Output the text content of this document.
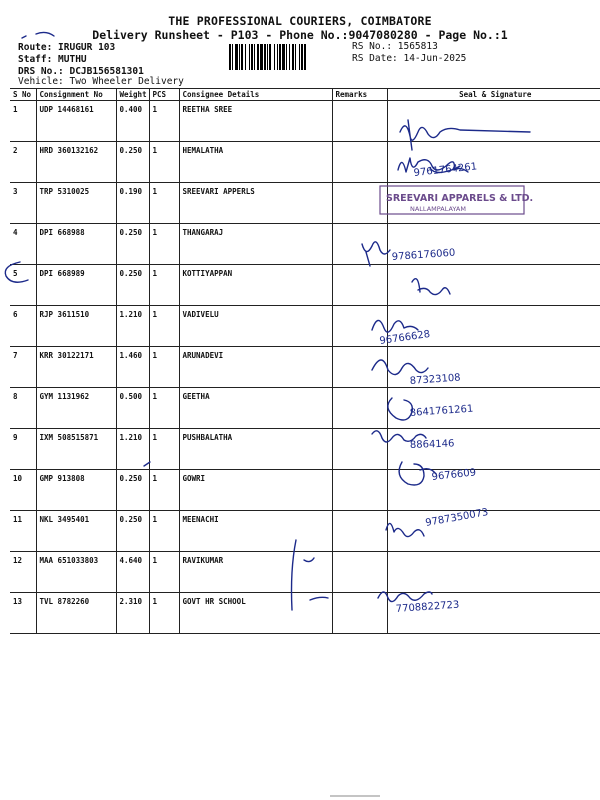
THE PROFESSIONAL COURIERS, COIMBATORE
Delivery Runsheet - P103 - Phone No.:9047080280 - Page No.:1
Route: IRUGUR 103
Staff: MUTHU
DRS No.: DCJB156581301
Vehicle: Two Wheeler Delivery
RS No.: 1565813
RS Date: 14-Jun-2025
S No	Consignment No	Weight	PCS	Consignee Details	Remarks	Seal & Signature
1	UDP 14468161	0.400	1	REETHA SREE		
2	HRD 360132162	0.250	1	HEMALATHA		
3	TRP 5310025	0.190	1	SREEVARI APPERLS		
4	DPI 668988	0.250	1	THANGARAJ		
5	DPI 668989	0.250	1	KOTTIYAPPAN		
6	RJP 3611510	1.210	1	VADIVELU		
7	KRR 30122171	1.460	1	ARUNADEVI		
8	GYM 1131962	0.500	1	GEETHA		
9	IXM 508515871	1.210	1	PUSHBALATHA		
10	GMP 913808	0.250	1	GOWRI		
11	NKL 3495401	0.250	1	MEENACHI		
12	MAA 651033803	4.640	1	RAVIKUMAR		
13	TVL 8782260	2.310	1	GOVT HR SCHOOL		
9761764261
SREEVARI APPARELS & LTD.
NALLAMPALAYAM
9786176060
96766628
87323108
8641761261
8864146
9676609
9787350073
7708822723
